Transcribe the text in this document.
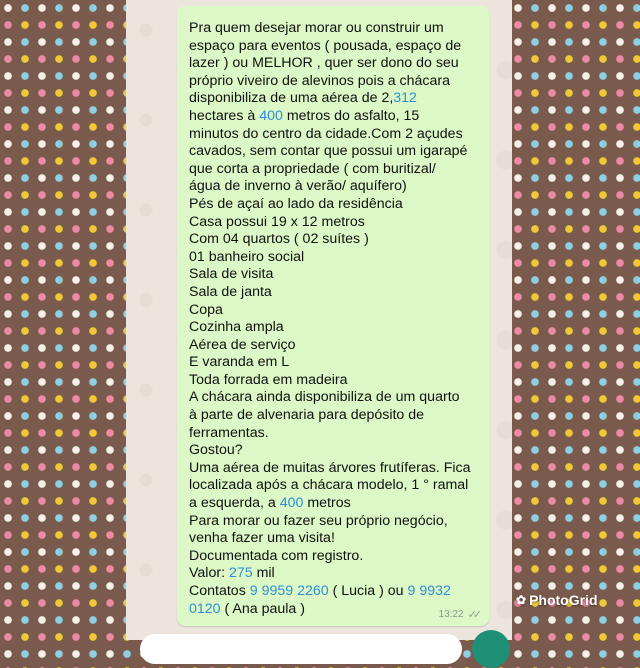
Pra quem desejar morar ou construir um
espaço para eventos ( pousada, espaço de
lazer ) ou MELHOR , quer ser dono do seu
próprio viveiro de alevinos pois a chácara
disponibiliza de uma aérea de 2,312
hectares à 400 metros do asfalto, 15
minutos do centro da cidade.Com 2 açudes
cavados, sem contar que possui um igarapé
que corta a propriedade ( com buritizal/
água de inverno à verão/ aquífero)
Pés de açaí ao lado da residência
Casa possui 19 x 12 metros
Com 04 quartos ( 02 suítes )
01 banheiro social
Sala de visita
Sala de janta
Copa
Cozinha ampla
Aérea de serviço
E varanda em L
Toda forrada em madeira
A chácara ainda disponibiliza de um quarto
à parte de alvenaria para depósito de
ferramentas.
Gostou?
Uma aérea de muitas árvores frutíferas. Fica
localizada após a chácara modelo, 1 ° ramal
a esquerda, a 400 metros
Para morar ou fazer seu próprio negócio,
venha fazer uma visita!
Documentada com registro.
Valor: 275 mil
Contatos 9 9959 2260 ( Lucia ) ou 9 9932
0120 ( Ana paula )	13:22 ✓✓
✿ PhotoGrid
